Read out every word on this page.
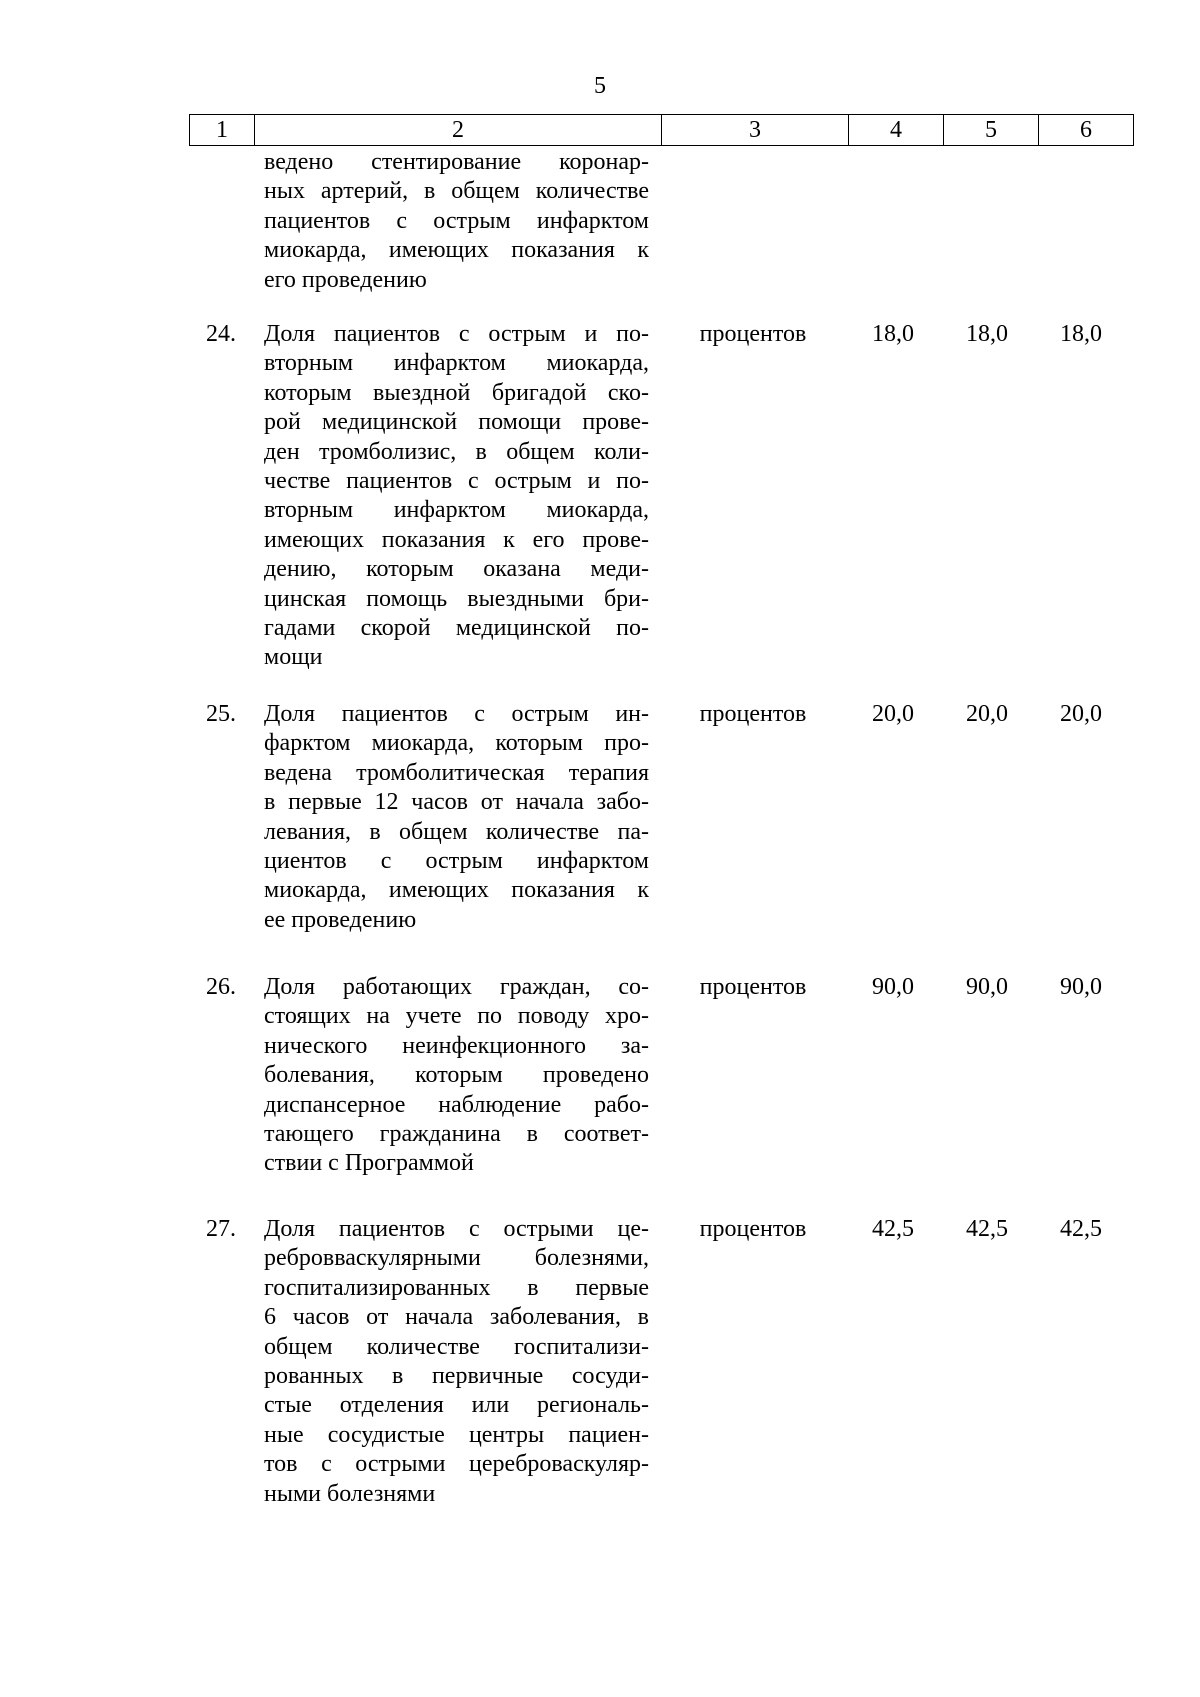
5
1	2	3	4	5	6
ведено стентирование коронар-
ных артерий, в общем количестве
пациентов с острым инфарктом
миокарда, имеющих показания к
его проведению
24.	Доля пациентов с острым и по-
вторным инфарктом миокарда,
которым выездной бригадой ско-
рой медицинской помощи прове-
ден тромболизис, в общем коли-
честве пациентов с острым и по-
вторным инфарктом миокарда,
имеющих показания к его прове-
дению, которым оказана меди-
цинская помощь выездными бри-
гадами скорой медицинской по-
мощи
процентов	18,0	18,0	18,0
25.	Доля пациентов с острым ин-
фарктом миокарда, которым про-
ведена тромболитическая терапия
в первые 12 часов от начала забо-
левания, в общем количестве па-
циентов с острым инфарктом
миокарда, имеющих показания к
ее проведению
процентов	20,0	20,0	20,0
26.	Доля работающих граждан, со-
стоящих на учете по поводу хро-
нического неинфекционного за-
болевания, которым проведено
диспансерное наблюдение рабо-
тающего гражданина в соответ-
ствии с Программой
процентов	90,0	90,0	90,0
27.	Доля пациентов с острыми це-
ребровваскулярными болезнями,
госпитализированных в первые
6 часов от начала заболевания, в
общем количестве госпитализи-
рованных в первичные сосуди-
стые отделения или региональ-
ные сосудистые центры пациен-
тов с острыми цереброваскуляр-
ными болезнями
процентов	42,5	42,5	42,5
